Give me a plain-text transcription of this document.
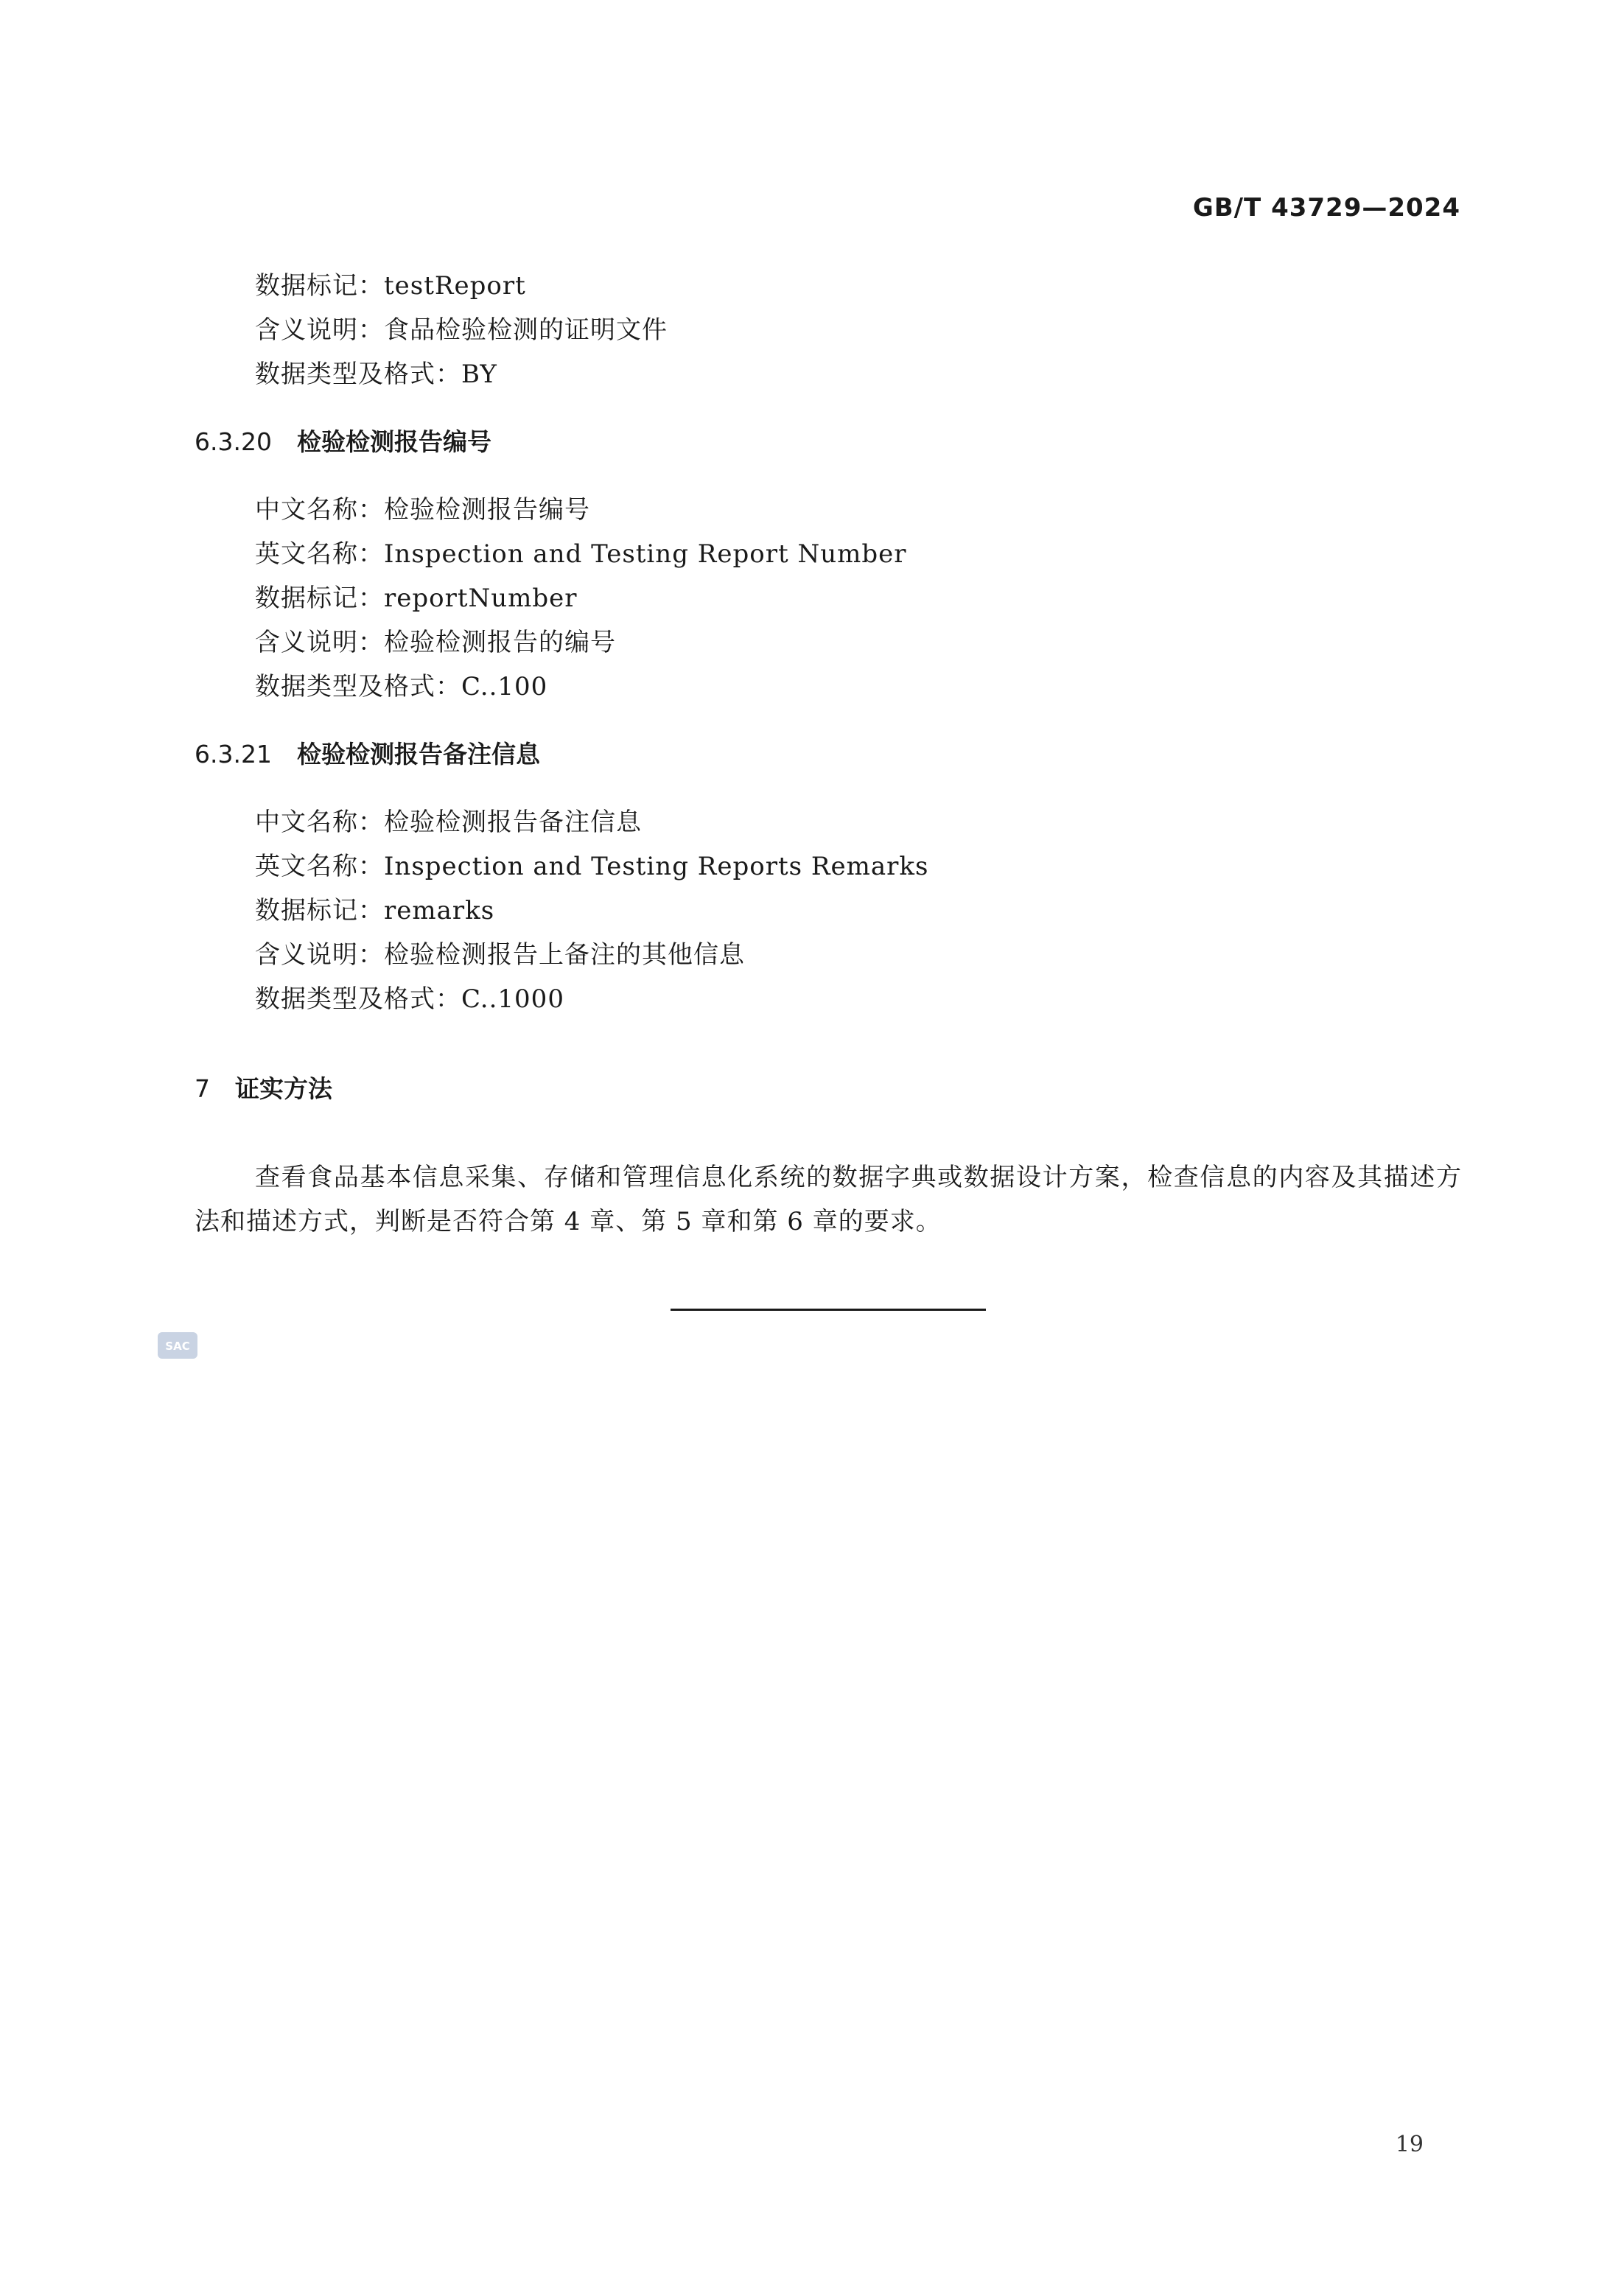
GB/T 43729—2024
数据标记：testReport
含义说明：食品检验检测的证明文件
数据类型及格式：BY
6.3.20 检验检测报告编号
中文名称：检验检测报告编号
英文名称：Inspection and Testing Report Number
数据标记：reportNumber
含义说明：检验检测报告的编号
数据类型及格式：C..100
6.3.21 检验检测报告备注信息
中文名称：检验检测报告备注信息
英文名称：Inspection and Testing Reports Remarks
数据标记：remarks
含义说明：检验检测报告上备注的其他信息
数据类型及格式：C..1000
7 证实方法
查看食品基本信息采集、存储和管理信息化系统的数据字典或数据设计方案，检查信息的内容及其描述方法和描述方式，判断是否符合第 4 章、第 5 章和第 6 章的要求。
SAC
19
